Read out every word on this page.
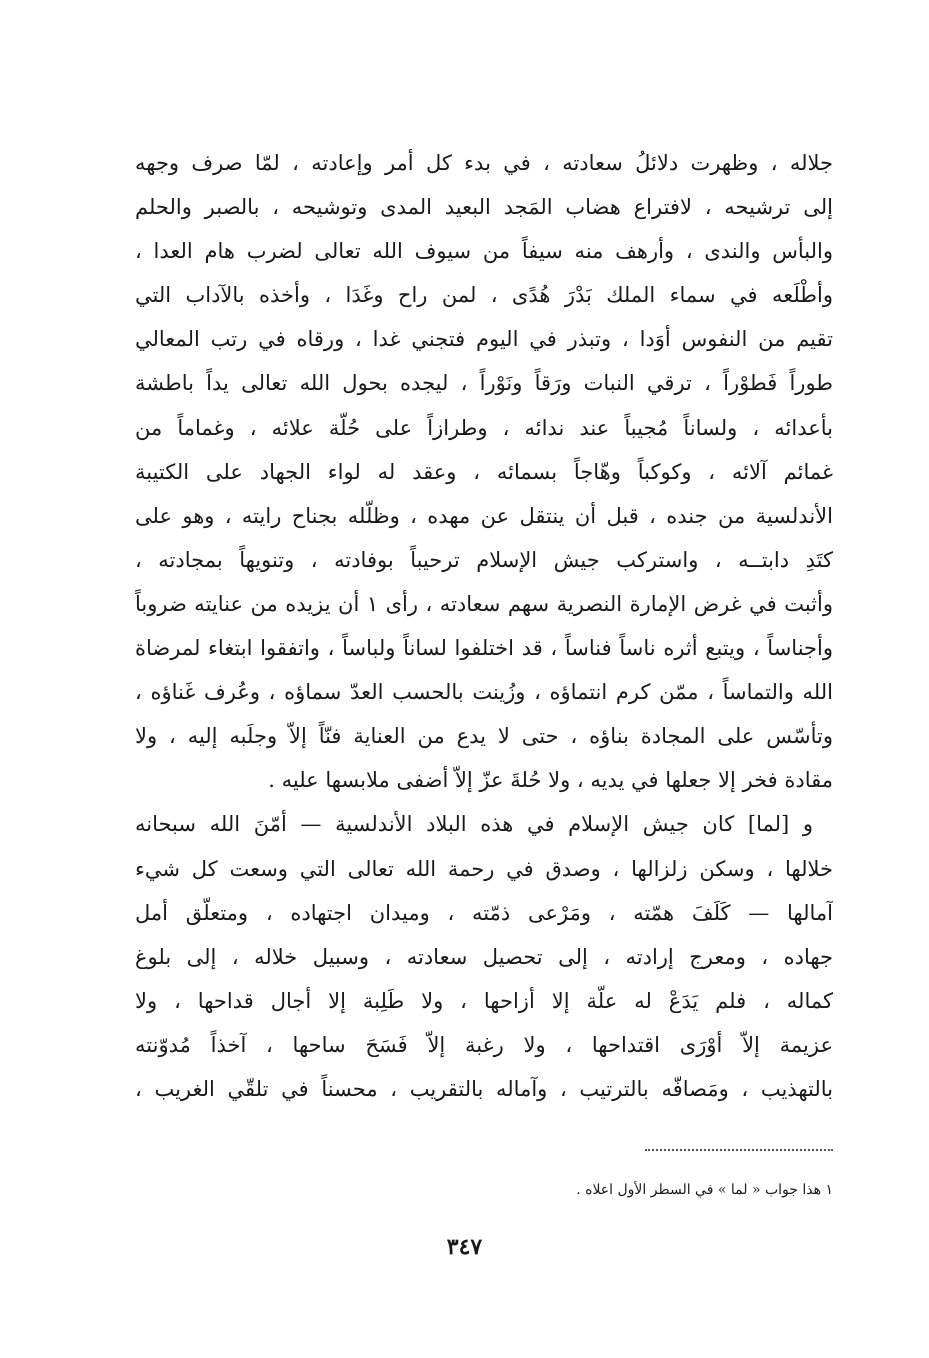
جلاله ، وظهرت دلائلُ سعادته ، في بدء كل أمر وإعادته ، لمّا صرف وجهه
إلى ترشيحه ، لافتراع هضاب المَجد البعيد المدى وتوشيحه ، بالصبر والحلم
والبأس والندى ، وأرهف منه سيفاً من سيوف الله تعالى لضرب هام العدا ،
وأطْلَعه في سماء الملك بَدْرَ هُدًى ، لمن راح وغَدَا ، وأخذه بالآداب التي
تقيم من النفوس أوَدا ، وتبذر في اليوم فتجني غدا ، ورقاه في رتب المعالي
طوراً فَطوْراً ، ترقي النبات ورَقاً ونَوْراً ، ليجده بحول الله تعالى يداً باطشة
بأعدائه ، ولساناً مُجيباً عند ندائه ، وطرازاً على حُلّة علائه ، وغماماً من
غمائم آلائه ، وكوكباً وهّاجاً بسمائه ، وعقد له لواء الجهاد على الكتيبة
الأندلسية من جنده ، قبل أن ينتقل عن مهده ، وظلّله بجناح رايته ، وهو على
كتَدِ دابتــه ، واستركب جيش الإسلام ترحيباً بوفادته ، وتنويهاً بمجادته ،
وأثبت في غرض الإمارة النصرية سهم سعادته ، رأى ١ أن يزيده من عنايته ضروباً
وأجناساً ، ويتبع أثره ناساً فناساً ، قد اختلفوا لساناً ولباساً ، واتفقوا ابتغاء لمرضاة
الله والتماساً ، ممّن كرم انتماؤه ، وزُينت بالحسب العدّ سماؤه ، وعُرف غَناؤه ،
وتأسّس على المجادة بناؤه ، حتى لا يدع من العناية فنّاً إلاّ وجلَبه إليه ، ولا
مقادة فخر إلا جعلها في يديه ، ولا حُلةَ عزّ إلاّ أضفى ملابسها عليه .
و [لما] كان جيش الإسلام في هذه البلاد الأندلسية — أمّنَ الله سبحانه
خلالها ، وسكن زلزالها ، وصدق في رحمة الله تعالى التي وسعت كل شيء
آمالها — كَلَفَ همّته ، ومَرْعى ذمّته ، وميدان اجتهاده ، ومتعلّق أمل
جهاده ، ومعرج إرادته ، إلى تحصيل سعادته ، وسبيل خلاله ، إلى بلوغ
كماله ، فلم يَدَعْ له علّة إلا أزاحها ، ولا طَلِبة إلا أجال قداحها ، ولا
عزيمة إلاّ أوْرَى اقتداحها ، ولا رغبة إلاّ فَسَحَ ساحها ، آخذاً مُدوّنته
بالتهذيب ، ومَصافّه بالترتيب ، وآماله بالتقريب ، محسناً في تلقّي الغريب ،
١ هذا جواب « لما » في السطر الأول اعلاه .
٣٤٧
